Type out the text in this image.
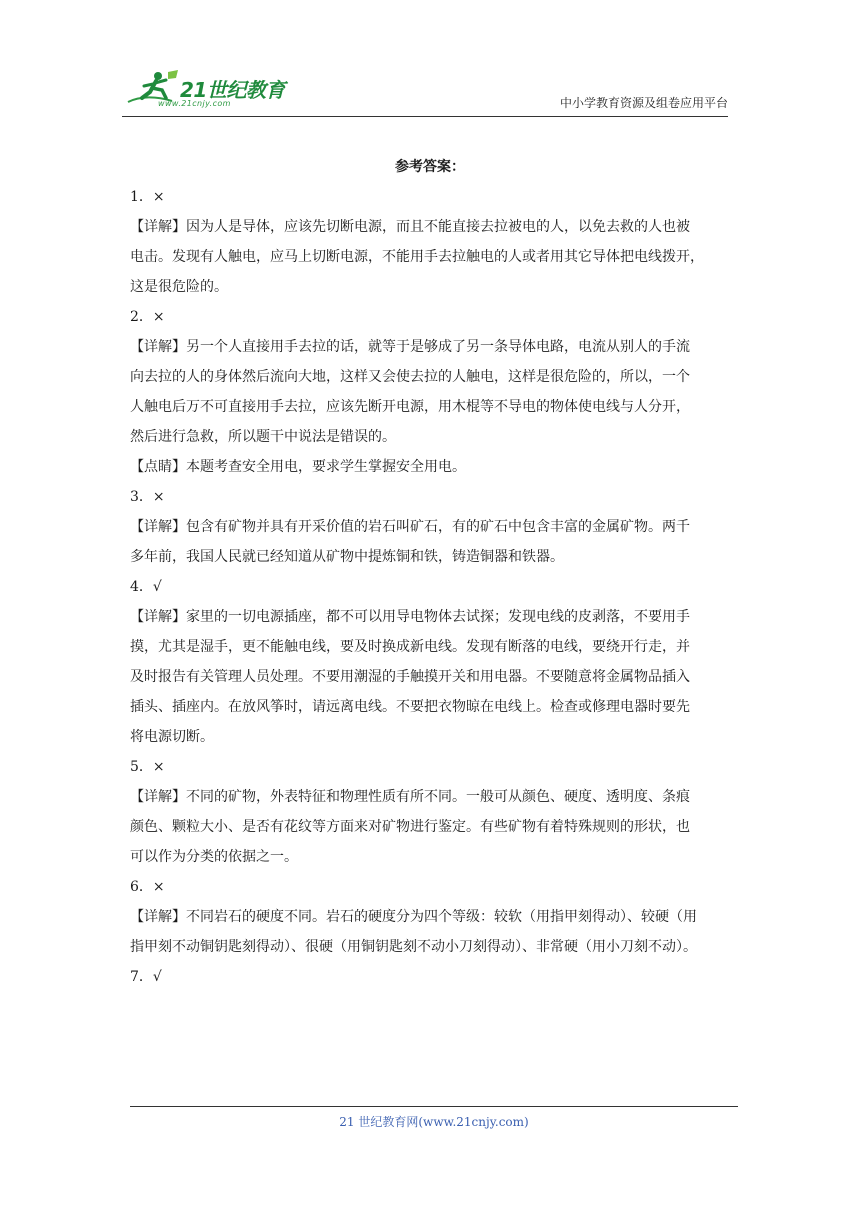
21世纪教育
www.21cnjy.com	中小学教育资源及组卷应用平台
参考答案：

1．×

【详解】因为人是导体，应该先切断电源，而且不能直接去拉被电的人，以免去救的人也被

电击。发现有人触电，应马上切断电源，不能用手去拉触电的人或者用其它导体把电线拨开，

这是很危险的。

2．×

【详解】另一个人直接用手去拉的话，就等于是够成了另一条导体电路，电流从别人的手流

向去拉的人的身体然后流向大地，这样又会使去拉的人触电，这样是很危险的，所以，一个

人触电后万不可直接用手去拉，应该先断开电源，用木棍等不导电的物体使电线与人分开，

然后进行急救，所以题干中说法是错误的。

【点睛】本题考查安全用电，要求学生掌握安全用电。

3．×

【详解】包含有矿物并具有开采价值的岩石叫矿石，有的矿石中包含丰富的金属矿物。两千

多年前，我国人民就已经知道从矿物中提炼铜和铁，铸造铜器和铁器。

4．√

【详解】家里的一切电源插座，都不可以用导电物体去试探；发现电线的皮剥落，不要用手

摸，尤其是湿手，更不能触电线，要及时换成新电线。发现有断落的电线，要绕开行走，并

及时报告有关管理人员处理。不要用潮湿的手触摸开关和用电器。不要随意将金属物品插入

插头、插座内。在放风筝时，请远离电线。不要把衣物晾在电线上。检查或修理电器时要先

将电源切断。

5．×

【详解】不同的矿物，外表特征和物理性质有所不同。一般可从颜色、硬度、透明度、条痕

颜色、颗粒大小、是否有花纹等方面来对矿物进行鉴定。有些矿物有着特殊规则的形状，也

可以作为分类的依据之一。

6．×

【详解】不同岩石的硬度不同。岩石的硬度分为四个等级：较软（用指甲刻得动）、较硬（用

指甲刻不动铜钥匙刻得动）、很硬（用铜钥匙刻不动小刀刻得动）、非常硬（用小刀刻不动）。

7．√

21 世纪教育网(www.21cnjy.com)
